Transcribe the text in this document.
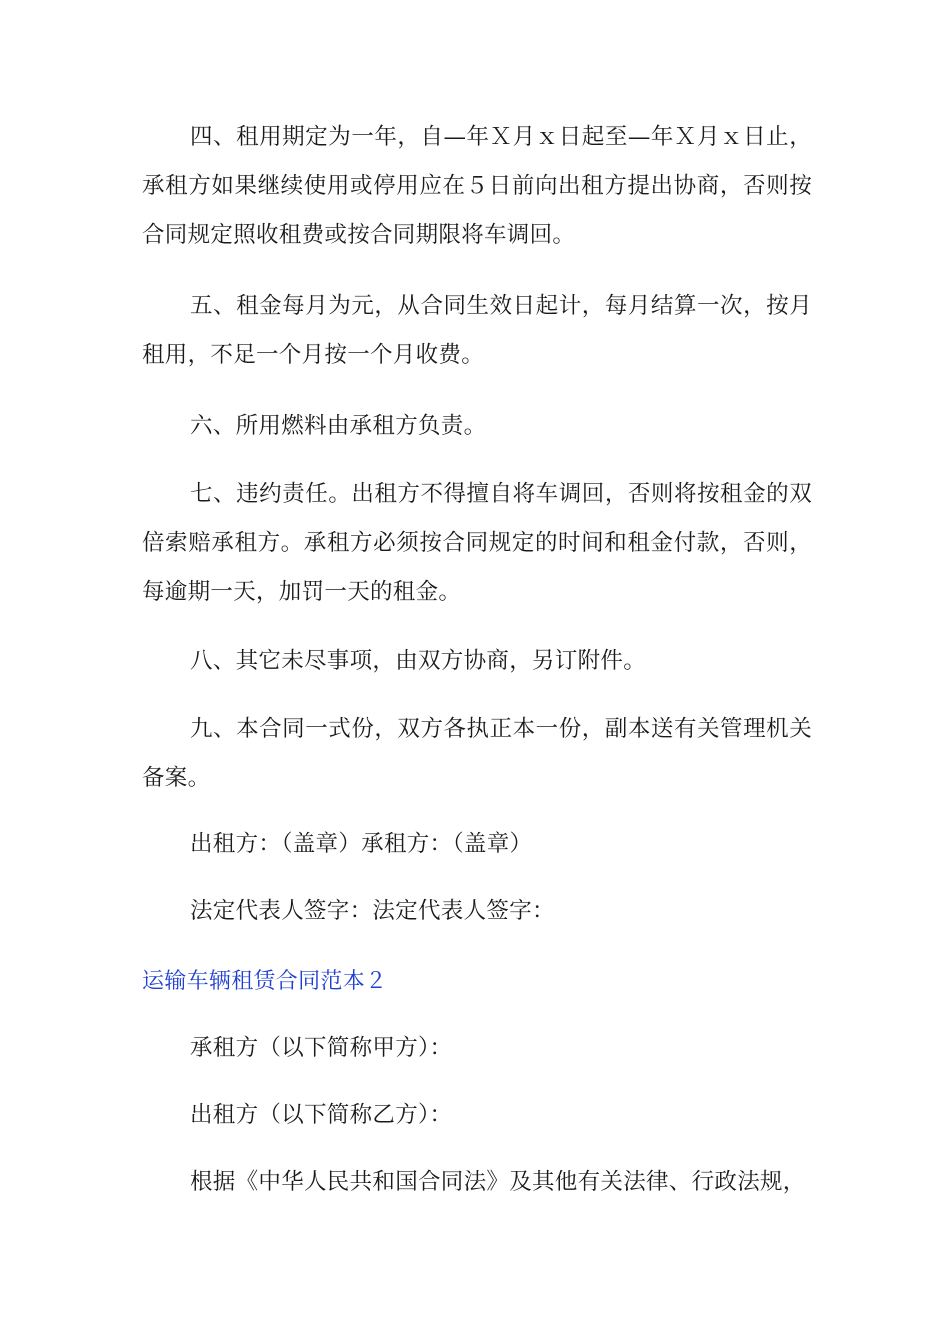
四、租用期定为一年，自—年Ｘ月ｘ日起至—年Ｘ月ｘ日止，承租方如果继续使用或停用应在５日前向出租方提出协商，否则按合同规定照收租费或按合同期限将车调回。

五、租金每月为元，从合同生效日起计，每月结算一次，按月租用，不足一个月按一个月收费。

六、所用燃料由承租方负责。

七、违约责任。出租方不得擅自将车调回，否则将按租金的双倍索赔承租方。承租方必须按合同规定的时间和租金付款，否则，每逾期一天，加罚一天的租金。

八、其它未尽事项，由双方协商，另订附件。

九、本合同一式份，双方各执正本一份，副本送有关管理机关备案。

出租方：（盖章）承租方：（盖章）

法定代表人签字：法定代表人签字：

运输车辆租赁合同范本２

承租方（以下简称甲方）：

出租方（以下简称乙方）：

根据《中华人民共和国合同法》及其他有关法律、行政法规，
